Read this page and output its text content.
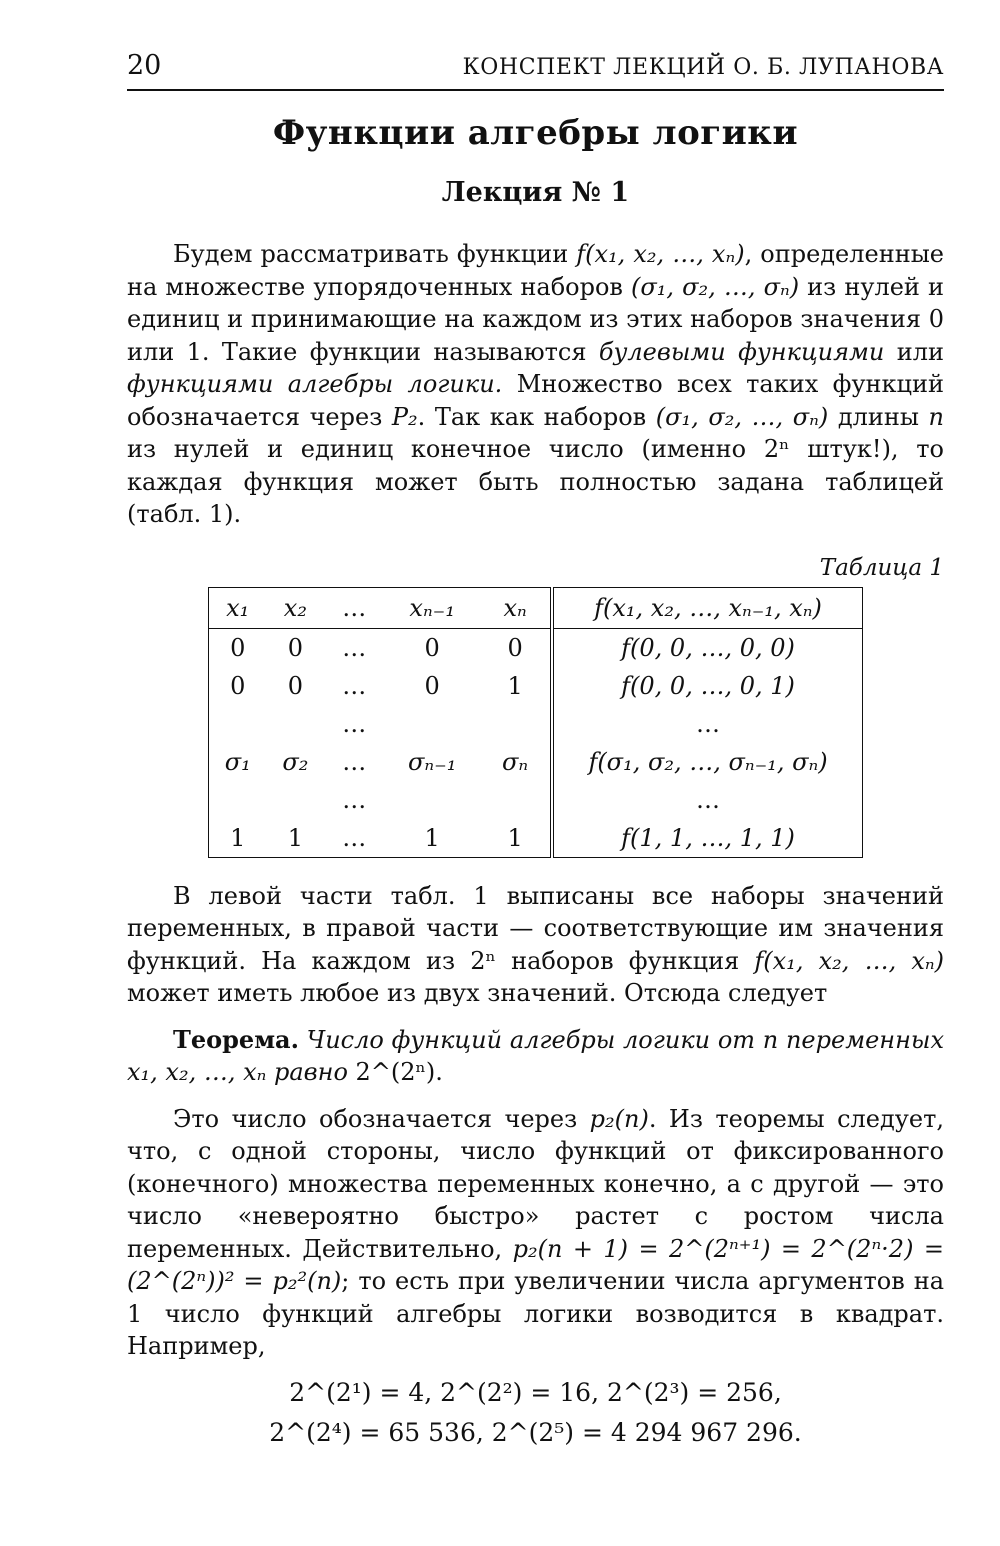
20	КОНСПЕКТ ЛЕКЦИЙ О. Б. ЛУПАНОВА
Функции алгебры логики
Лекция № 1

Будем рассматривать функции f(x₁, x₂, …, xₙ), определенные на множестве упорядоченных наборов (σ₁, σ₂, …, σₙ) из нулей и единиц и принимающие на каждом из этих наборов значения 0 или 1. Такие функции называются булевыми функциями или функциями алгебры логики. Множество всех таких функций обозначается через P₂. Так как наборов (σ₁, σ₂, …, σₙ) длины n из нулей и единиц конечное число (именно 2ⁿ штук!), то каждая функция может быть полностью задана таблицей (табл. 1).

Таблица 1
x₁	x₂	…	xₙ₋₁	xₙ	f(x₁, x₂, …, xₙ₋₁, xₙ)
0	0	…	0	0	f(0, 0, …, 0, 0)
0	0	…	0	1	f(0, 0, …, 0, 1)
		…			…
σ₁	σ₂	…	σₙ₋₁	σₙ	f(σ₁, σ₂, …, σₙ₋₁, σₙ)
		…			…
1	1	…	1	1	f(1, 1, …, 1, 1)

В левой части табл. 1 выписаны все наборы значений переменных, в правой части — соответствующие им значения функций. На каждом из 2ⁿ наборов функция f(x₁, x₂, …, xₙ) может иметь любое из двух значений. Отсюда следует

Теорема. Число функций алгебры логики от n переменных x₁, x₂, …, xₙ равно 2^(2ⁿ).

Это число обозначается через p₂(n). Из теоремы следует, что, с одной стороны, число функций от фиксированного (конечного) множества переменных конечно, а с другой — это число «невероятно быстро» растет с ростом числа переменных. Действительно, p₂(n + 1) = 2^(2ⁿ⁺¹) = 2^(2ⁿ·2) = (2^(2ⁿ))² = p₂²(n); то есть при увеличении числа аргументов на 1 число функций алгебры логики возводится в квадрат. Например,

2^(2¹) = 4, 2^(2²) = 16, 2^(2³) = 256,
2^(2⁴) = 65 536, 2^(2⁵) = 4 294 967 296.
